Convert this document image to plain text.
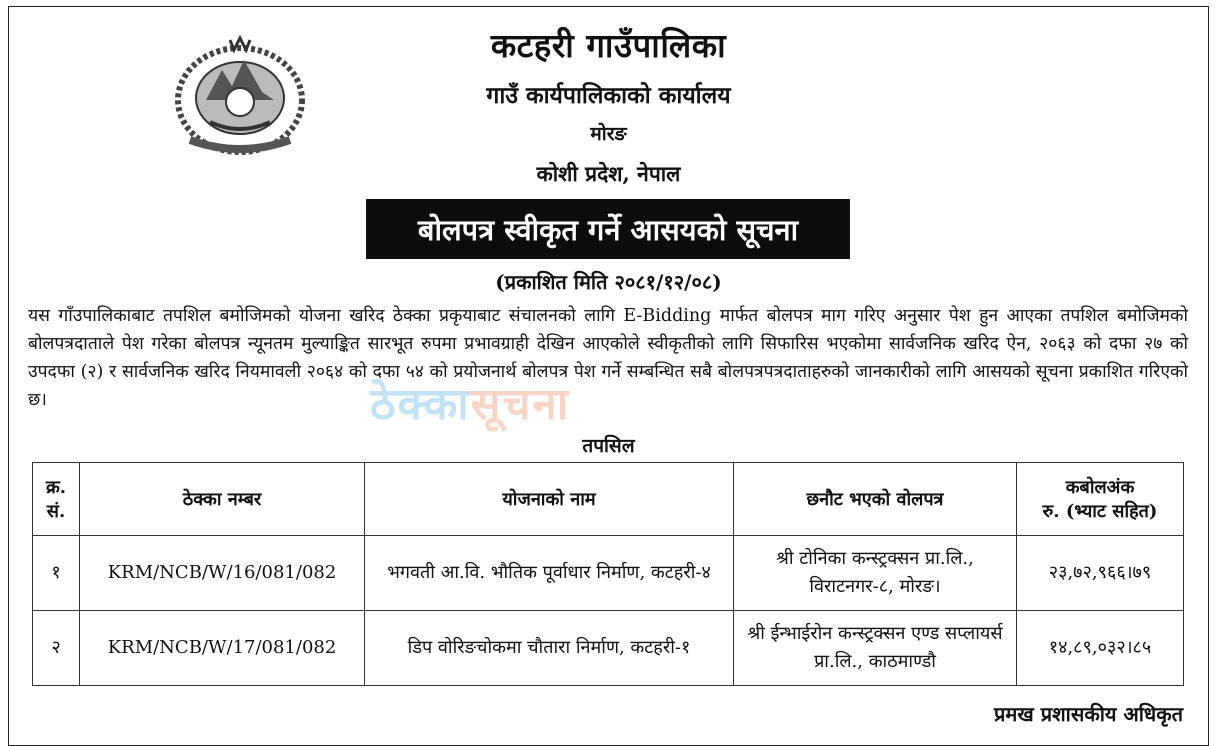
कटहरी गाउँपालिका
गाउँ कार्यपालिकाको कार्यालय
मोरङ
कोशी प्रदेश, नेपाल
बोलपत्र स्वीकृत गर्ने आसयको सूचना
(प्रकाशित मिति २०८१/१२/०८)

यस गाँउपालिकाबाट तपशिल बमोजिमको योजना खरिद ठेक्का प्रकृयाबाट संचालनको लागि E-Bidding मार्फत बोलपत्र माग गरिए अनुसार पेश हुन आएका तपशिल बमोजिमको बोलपत्रदाताले पेश गरेका बोलपत्र न्यूनतम मुल्याङ्कित सारभूत रुपमा प्रभावग्राही देखिन आएकोले स्वीकृतीको लागि सिफारिस भएकोमा सार्वजनिक खरिद ऐन, २०६३ को दफा २७ को उपदफा (२) र सार्वजनिक खरिद नियमावली २०६४ को दफा ५४ को प्रयोजनार्थ बोलपत्र पेश गर्ने सम्बन्धित सबै बोलपत्रपत्रदाताहरुको जानकारीको लागि आसयको सूचना प्रकाशित गरिएको छ।	ठेक्कासूचना
तपसिल
क्र.
सं.	ठेक्का नम्बर	योजनाको नाम	छनौट भएको वोलपत्र	कबोलअंक
रु. (भ्याट सहित)
१	KRM/NCB/W/16/081/082	भगवती आ.वि. भौतिक पूर्वाधार निर्माण, कटहरी-४	श्री टोनिका कन्स्ट्रक्सन प्रा.लि., विराटनगर-८, मोरङ।	२३,७२,९६६।७९
२	KRM/NCB/W/17/081/082	डिप वोरिङचोकमा चौतारा निर्माण, कटहरी-१	श्री ईन्भाईरोन कन्स्ट्रक्सन एण्ड सप्लायर्स प्रा.लि., काठमाण्डौ	१४,८९,०३२।८५
प्रमख प्रशासकीय अधिकृत
